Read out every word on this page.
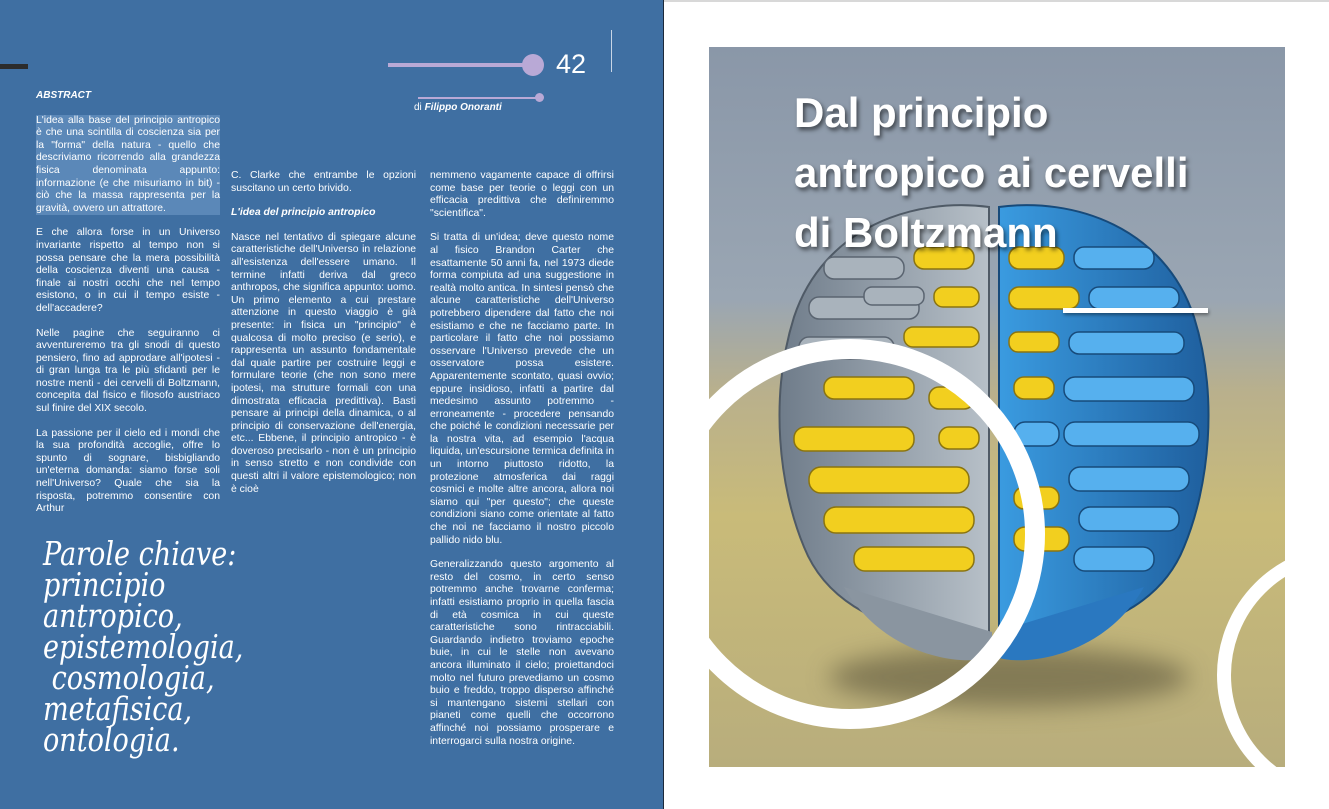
42
di Filippo Onoranti

ABSTRACT

L'idea alla base del principio antropico è che una scintilla di coscienza sia per la "forma" della natura - quello che descriviamo ricorrendo alla grandezza fisica denominata appunto: informazione (e che misuriamo in bit) - ciò che la massa rappresenta per la gravità, ovvero un attrattore.

E che allora forse in un Universo invariante rispetto al tempo non si possa pensare che la mera possibilità della coscienza diventi una causa - finale ai nostri occhi che nel tempo esistono, o in cui il tempo esiste - dell'accadere?

Nelle pagine che seguiranno ci avventureremo tra gli snodi di questo pensiero, fino ad approdare all'ipotesi - di gran lunga tra le più sfidanti per le nostre menti - dei cervelli di Boltzmann, concepita dal fisico e filosofo austriaco sul finire del XIX secolo.

La passione per il cielo ed i mondi che la sua profondità accoglie, offre lo spunto di sognare, bisbigliando un'eterna domanda: siamo forse soli nell'Universo? Quale che sia la risposta, potremmo consentire con Arthur

C. Clarke che entrambe le opzioni suscitano un certo brivido.

L'idea del principio antropico

Nasce nel tentativo di spiegare alcune caratteristiche dell'Universo in relazione all'esistenza dell'essere umano. Il termine infatti deriva dal greco anthropos, che significa appunto: uomo. Un primo elemento a cui prestare attenzione in questo viaggio è già presente: in fisica un "principio" è qualcosa di molto preciso (e serio), e rappresenta un assunto fondamentale dal quale partire per costruire leggi e formulare teorie (che non sono mere ipotesi, ma strutture formali con una dimostrata efficacia predittiva). Basti pensare ai principi della dinamica, o al principio di conservazione dell'energia, etc... Ebbene, il principio antropico - è doveroso precisarlo - non è un principio in senso stretto e non condivide con questi altri il valore epistemologico; non è cioè

nemmeno vagamente capace di offrirsi come base per teorie o leggi con un efficacia predittiva che definiremmo "scientifica".

Si tratta di un'idea; deve questo nome al fisico Brandon Carter che esattamente 50 anni fa, nel 1973 diede forma compiuta ad una suggestione in realtà molto antica. In sintesi pensò che alcune caratteristiche dell'Universo potrebbero dipendere dal fatto che noi esistiamo e che ne facciamo parte. In particolare il fatto che noi possiamo osservare l'Universo prevede che un osservatore possa esistere. Apparentemente scontato, quasi ovvio; eppure insidioso, infatti a partire dal medesimo assunto potremmo - erroneamente - procedere pensando che poiché le condizioni necessarie per la nostra vita, ad esempio l'acqua liquida, un'escursione termica definita in un intorno piuttosto ridotto, la protezione atmosferica dai raggi cosmici e molte altre ancora, allora noi siamo qui "per questo"; che queste condizioni siano come orientate al fatto che noi ne facciamo il nostro piccolo pallido nido blu.

Generalizzando questo argomento al resto del cosmo, in certo senso potremmo anche trovarne conferma; infatti esistiamo proprio in quella fascia di età cosmica in cui queste caratteristiche sono rintracciabili. Guardando indietro troviamo epoche buie, in cui le stelle non avevano ancora illuminato il cielo; proiettandoci molto nel futuro prevediamo un cosmo buio e freddo, troppo disperso affinché si mantengano sistemi stellari con pianeti come quelli che occorrono affinché noi possiamo prosperare e interrogarci sulla nostra origine.

Parole chiave:
principio
antropico,
epistemologia,
cosmologia,
metafisica,
ontologia.
Dal principio
antropico ai cervelli
di Boltzmann
